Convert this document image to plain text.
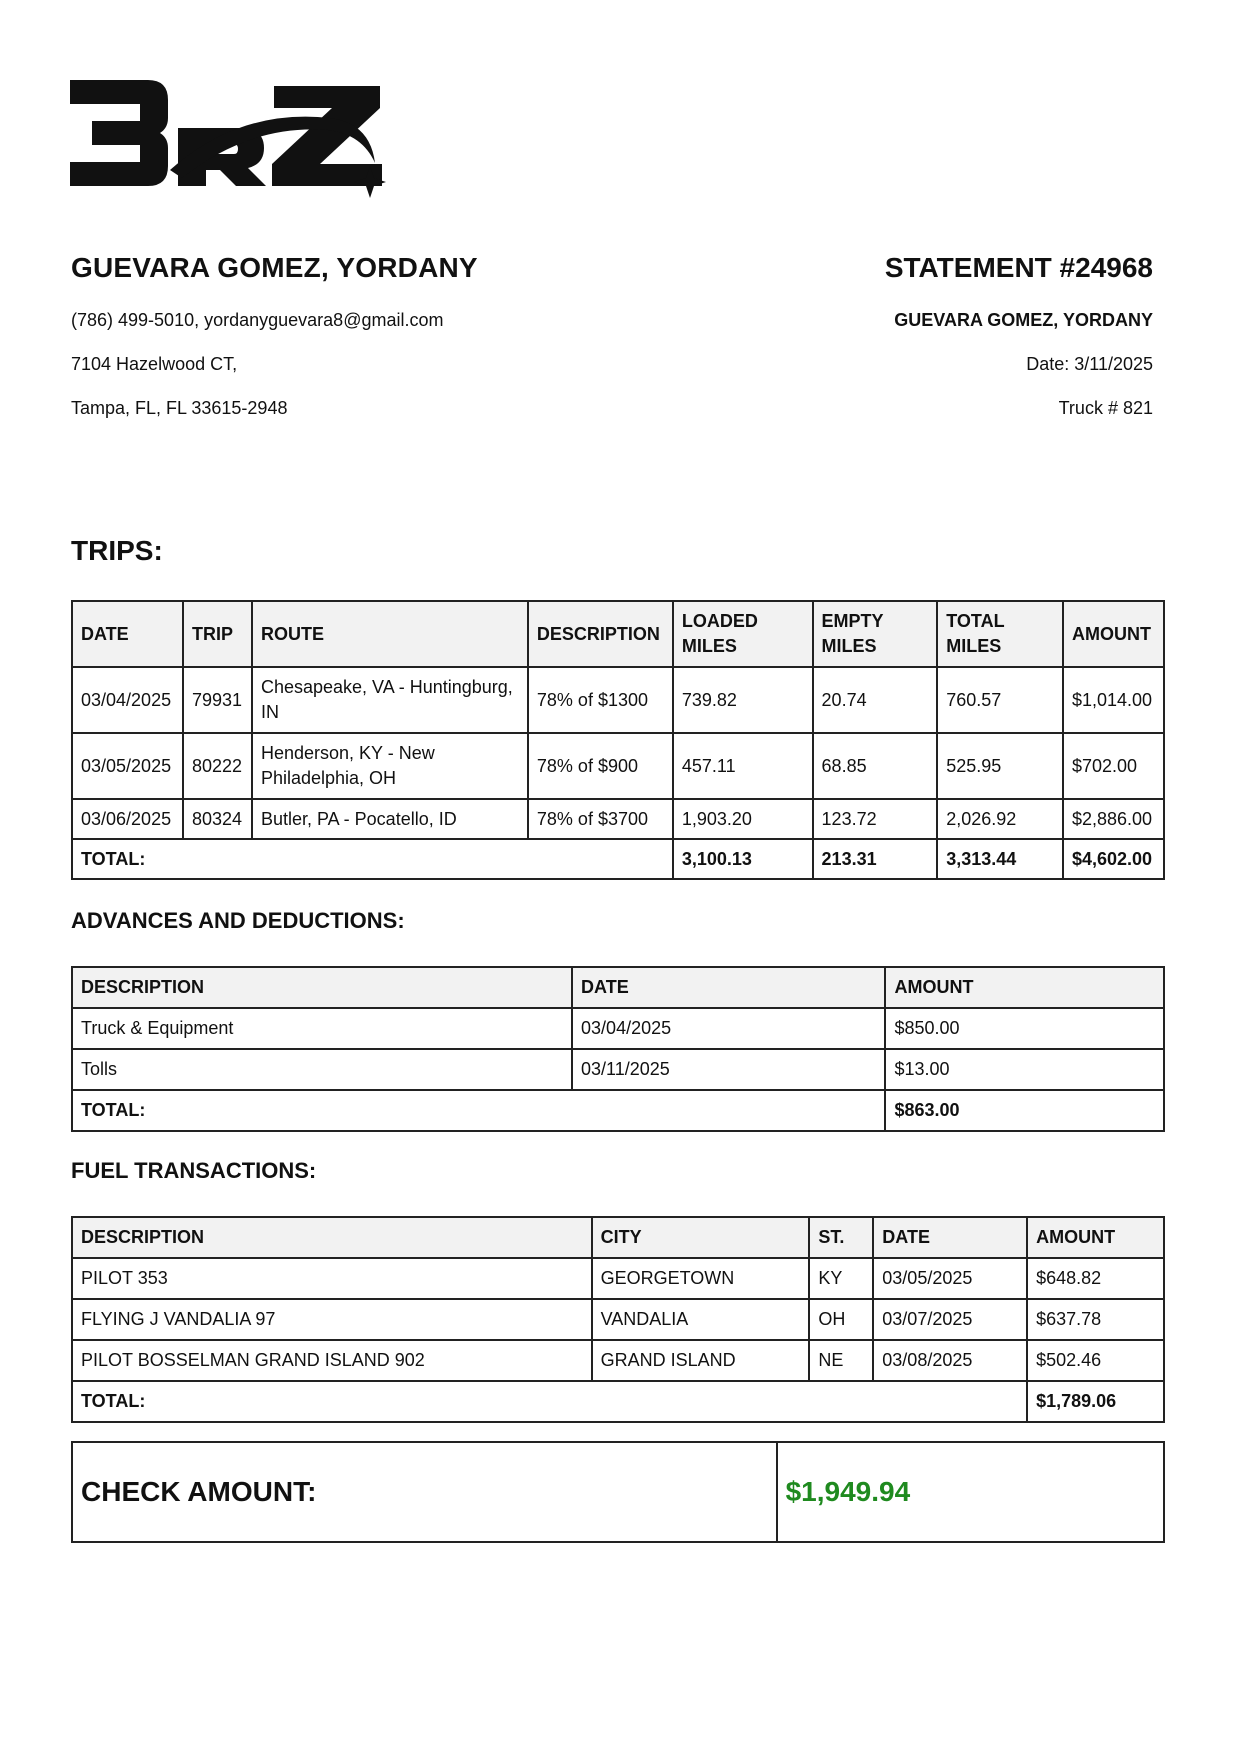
BRZ
GUEVARA GOMEZ, YORDANY
(786) 499-5010, yordanyguevara8@gmail.com
7104 Hazelwood CT,
Tampa, FL, FL 33615-2948
STATEMENT #24968
GUEVARA GOMEZ, YORDANY
Date: 3/11/2025
Truck # 821
TRIPS:
DATE	TRIP	ROUTE	DESCRIPTION	LOADED MILES	EMPTY MILES	TOTAL MILES	AMOUNT
03/04/2025	79931	Chesapeake, VA - Huntingburg, IN	78% of $1300	739.82	20.74	760.57	$1,014.00
03/05/2025	80222	Henderson, KY - New Philadelphia, OH	78% of $900	457.11	68.85	525.95	$702.00
03/06/2025	80324	Butler, PA - Pocatello, ID	78% of $3700	1,903.20	123.72	2,026.92	$2,886.00
TOTAL:				3,100.13	213.31	3,313.44	$4,602.00
ADVANCES AND DEDUCTIONS:
DESCRIPTION	DATE	AMOUNT
Truck & Equipment	03/04/2025	$850.00
Tolls	03/11/2025	$13.00
TOTAL:		$863.00
FUEL TRANSACTIONS:
DESCRIPTION	CITY	ST.	DATE	AMOUNT
PILOT 353	GEORGETOWN	KY	03/05/2025	$648.82
FLYING J VANDALIA 97	VANDALIA	OH	03/07/2025	$637.78
PILOT BOSSELMAN GRAND ISLAND 902	GRAND ISLAND	NE	03/08/2025	$502.46
TOTAL:				$1,789.06
CHECK AMOUNT:	$1,949.94
